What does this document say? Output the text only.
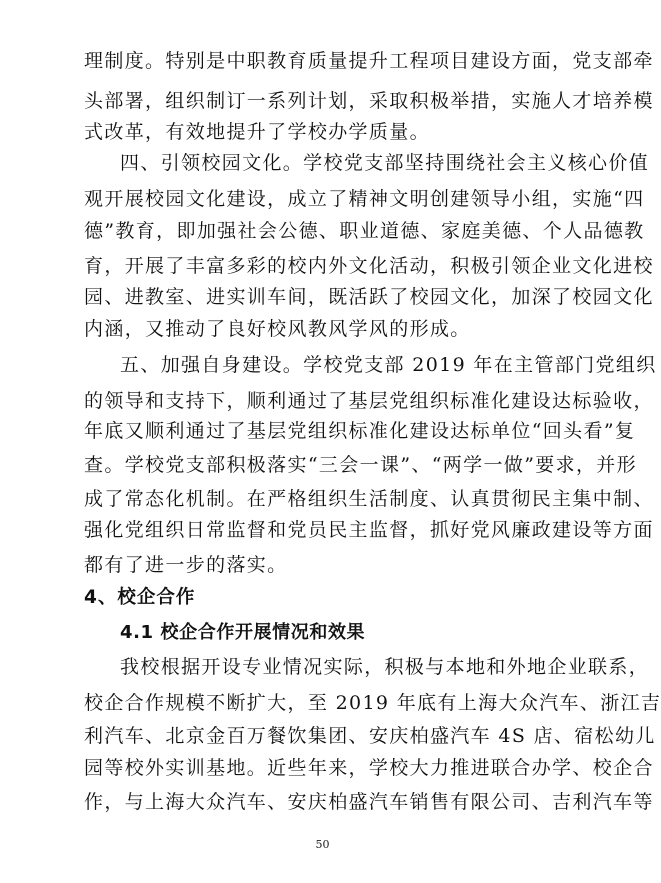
理制度。特别是中职教育质量提升工程项目建设方面，党支部牵
头部署，组织制订一系列计划，采取积极举措，实施人才培养模
式改革，有效地提升了学校办学质量。
四、引领校园文化。学校党支部坚持围绕社会主义核心价值
观开展校园文化建设，成立了精神文明创建领导小组，实施“四
德”教育，即加强社会公德、职业道德、家庭美德、个人品德教
育，开展了丰富多彩的校内外文化活动，积极引领企业文化进校
园、进教室、进实训车间，既活跃了校园文化，加深了校园文化
内涵，又推动了良好校风教风学风的形成。
五、加强自身建设。学校党支部 2019 年在主管部门党组织
的领导和支持下，顺利通过了基层党组织标准化建设达标验收，
年底又顺利通过了基层党组织标准化建设达标单位“回头看”复
查。学校党支部积极落实“三会一课”、“两学一做”要求，并形
成了常态化机制。在严格组织生活制度、认真贯彻民主集中制、
强化党组织日常监督和党员民主监督，抓好党风廉政建设等方面
都有了进一步的落实。
4、校企合作
4.1 校企合作开展情况和效果
我校根据开设专业情况实际，积极与本地和外地企业联系，
校企合作规模不断扩大，至 2019 年底有上海大众汽车、浙江吉
利汽车、北京金百万餐饮集团、安庆柏盛汽车 4S 店、宿松幼儿
园等校外实训基地。近些年来，学校大力推进联合办学、校企合
作，与上海大众汽车、安庆柏盛汽车销售有限公司、吉利汽车等
50
